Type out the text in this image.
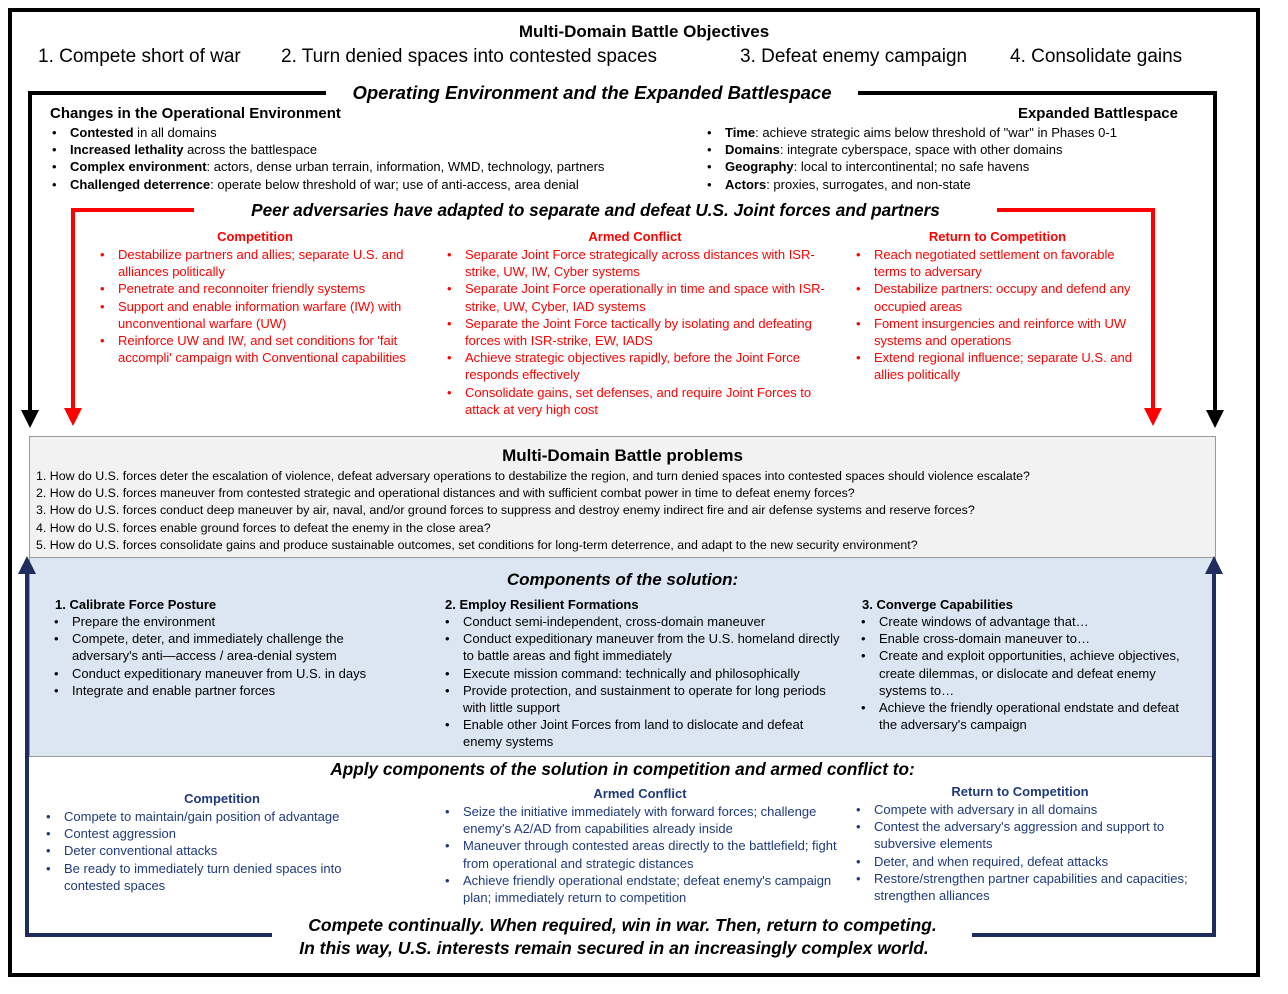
Multi-Domain Battle Objectives
1. Compete short of war 2. Turn denied spaces into contested spaces	3. Defeat enemy campaign 4. Consolidate gains
Operating Environment and the Expanded Battlespace
Changes in the Operational Environment
• Contested in all domains
• Increased lethality across the battlespace
• Complex environment: actors, dense urban terrain, information, WMD, technology, partners
• Challenged deterrence: operate below threshold of war; use of anti-access, area denial
Expanded Battlespace
• Time: achieve strategic aims below threshold of "war" in Phases 0-1
• Domains: integrate cyberspace, space with other domains
• Geography: local to intercontinental; no safe havens
• Actors: proxies, surrogates, and non-state
Peer adversaries have adapted to separate and defeat U.S. Joint forces and partners
Competition
• Destabilize partners and allies; separate U.S. and alliances politically
• Penetrate and reconnoiter friendly systems
• Support and enable information warfare (IW) with unconventional warfare (UW)
• Reinforce UW and IW, and set conditions for 'fait accompli' campaign with Conventional capabilities
Armed Conflict
• Separate Joint Force strategically across distances with ISR-strike, UW, IW, Cyber systems
• Separate Joint Force operationally in time and space with ISR-strike, UW, Cyber, IAD systems
• Separate the Joint Force tactically by isolating and defeating forces with ISR-strike, EW, IADS
• Achieve strategic objectives rapidly, before the Joint Force responds effectively
• Consolidate gains, set defenses, and require Joint Forces to attack at very high cost
Return to Competition
• Reach negotiated settlement on favorable terms to adversary
• Destabilize partners: occupy and defend any occupied areas
• Foment insurgencies and reinforce with UW systems and operations
• Extend regional influence; separate U.S. and allies politically
Multi-Domain Battle problems
1. How do U.S. forces deter the escalation of violence, defeat adversary operations to destabilize the region, and turn denied spaces into contested spaces should violence escalate?
2. How do U.S. forces maneuver from contested strategic and operational distances and with sufficient combat power in time to defeat enemy forces?
3. How do U.S. forces conduct deep maneuver by air, naval, and/or ground forces to suppress and destroy enemy indirect fire and air defense systems and reserve forces?
4. How do U.S. forces enable ground forces to defeat the enemy in the close area?
5. How do U.S. forces consolidate gains and produce sustainable outcomes, set conditions for long-term deterrence, and adapt to the new security environment?
Components of the solution:
1. Calibrate Force Posture
• Prepare the environment
• Compete, deter, and immediately challenge the adversary's anti—access / area-denial system
• Conduct expeditionary maneuver from U.S. in days
• Integrate and enable partner forces
2. Employ Resilient Formations
• Conduct semi-independent, cross-domain maneuver
• Conduct expeditionary maneuver from the U.S. homeland directly to battle areas and fight immediately
• Execute mission command: technically and philosophically
• Provide protection, and sustainment to operate for long periods with little support
• Enable other Joint Forces from land to dislocate and defeat enemy systems
3. Converge Capabilities
• Create windows of advantage that…
• Enable cross-domain maneuver to…
• Create and exploit opportunities, achieve objectives, create dilemmas, or dislocate and defeat enemy systems to…
• Achieve the friendly operational endstate and defeat the adversary's campaign
Apply components of the solution in competition and armed conflict to:
Competition
• Compete to maintain/gain position of advantage
• Contest aggression
• Deter conventional attacks
• Be ready to immediately turn denied spaces into contested spaces
Armed Conflict
• Seize the initiative immediately with forward forces; challenge enemy's A2/AD from capabilities already inside
• Maneuver through contested areas directly to the battlefield; fight from operational and strategic distances
• Achieve friendly operational endstate; defeat enemy's campaign plan; immediately return to competition
Return to Competition
• Compete with adversary in all domains
• Contest the adversary's aggression and support to subversive elements
• Deter, and when required, defeat attacks
• Restore/strengthen partner capabilities and capacities; strengthen alliances
Compete continually. When required, win in war. Then, return to competing.
In this way, U.S. interests remain secured in an increasingly complex world.
